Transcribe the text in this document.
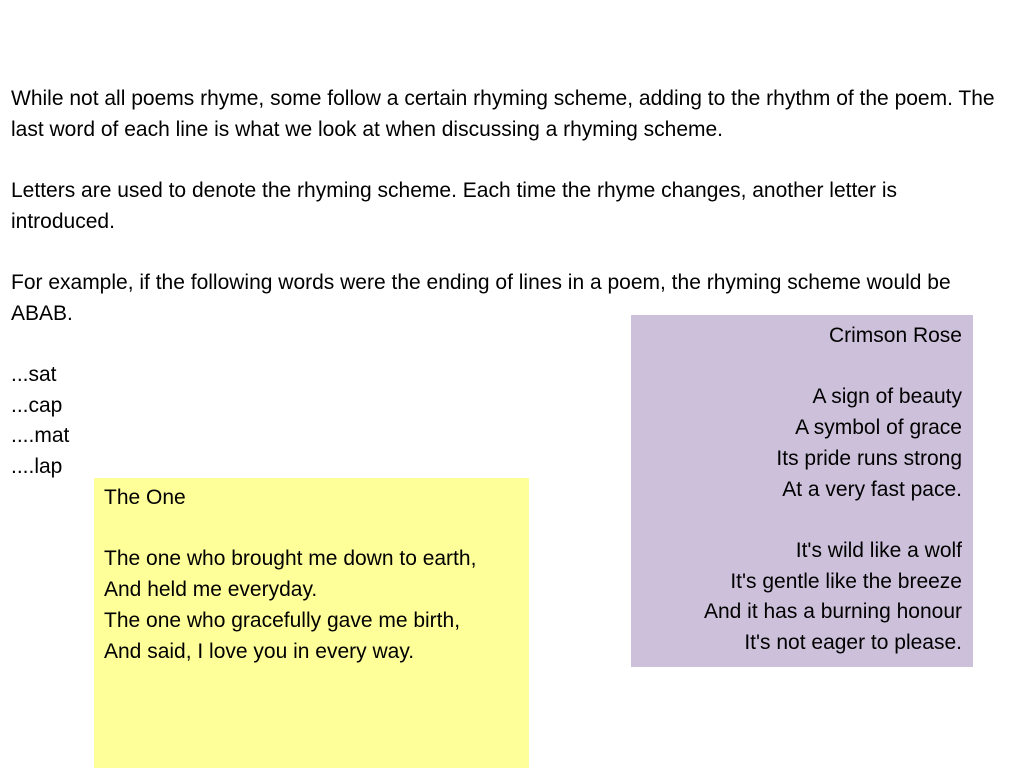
While not all poems rhyme, some follow a certain rhyming scheme, adding to the rhythm of the poem. The last word of each line is what we look at when discussing a rhyming scheme.

Letters are used to denote the rhyming scheme. Each time the rhyme changes, another letter is introduced.

For example, if the following words were the ending of lines in a poem, the rhyming scheme would be ABAB.

...sat
...cap
....mat
....lap
Crimson Rose
A sign of beauty
A symbol of grace
Its pride runs strong
At a very fast pace.
It's wild like a wolf
It's gentle like the breeze
And it has a burning honour
It's not eager to please.
The One
The one who brought me down to earth,
And held me everyday.
The one who gracefully gave me birth,
And said, I love you in every way.
